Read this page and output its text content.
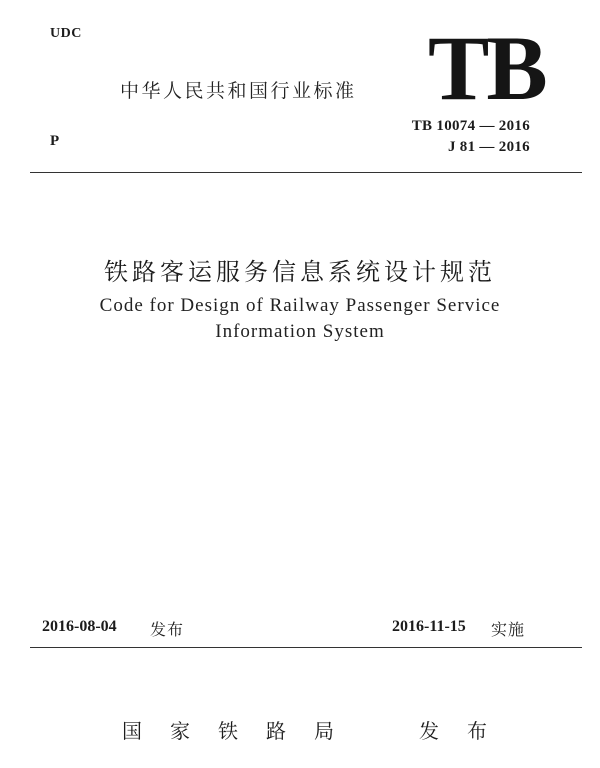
UDC
中华人民共和国行业标准 TB
P
TB 10074 — 2016
J 81 — 2016
铁路客运服务信息系统设计规范
Code for Design of Railway Passenger Service
Information System
2016-08-04 发布	2016-11-15 实施
国 家 铁 路 局	发 布
